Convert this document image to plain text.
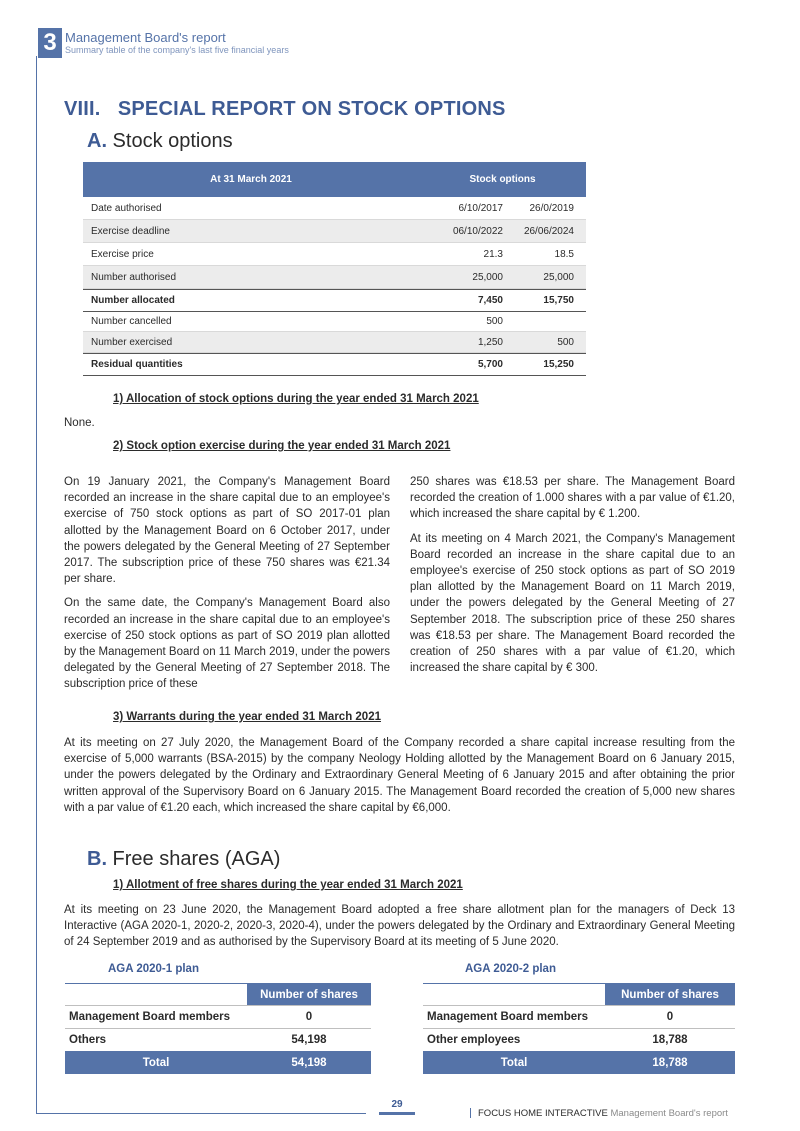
3 Management Board's report
Summary table of the company's last five financial years
VIII.   SPECIAL REPORT ON STOCK OPTIONS
A. Stock options
At 31 March 2021	Stock options
Date authorised	6/10/2017	26/0/2019
Exercise deadline	06/10/2022	26/06/2024
Exercise price	21.3	18.5
Number authorised	25,000	25,000
Number allocated	7,450	15,750
Number cancelled	500
Number exercised	1,250	500
Residual quantities	5,700	15,250
1) Allocation of stock options during the year ended 31 March 2021
None.
2) Stock option exercise during the year ended 31 March 2021

On 19 January 2021, the Company's Management Board recorded an increase in the share capital due to an employee's exercise of 750 stock options as part of SO 2017-01 plan allotted by the Management Board on 6 October 2017, under the powers delegated by the General Meeting of 27 September 2017. The subscription price of these 750 shares was €21.34 per share.

On the same date, the Company's Management Board also recorded an increase in the share capital due to an employee's exercise of 250 stock options as part of SO 2019 plan allotted by the Management Board on 11 March 2019, under the powers delegated by the General Meeting of 27 September 2018. The subscription price of these

250 shares was €18.53 per share. The Management Board recorded the creation of 1.000 shares with a par value of €1.20, which increased the share capital by € 1.200.

At its meeting on 4 March 2021, the Company's Management Board recorded an increase in the share capital due to an employee's exercise of 250 stock options as part of SO 2019 plan allotted by the Management Board on 11 March 2019, under the powers delegated by the General Meeting of 27 September 2018. The subscription price of these 250 shares was €18.53 per share. The Management Board recorded the creation of 250 shares with a par value of €1.20, which increased the share capital by € 300.

3) Warrants during the year ended 31 March 2021
At its meeting on 27 July 2020, the Management Board of the Company recorded a share capital increase resulting from the exercise of 5,000 warrants (BSA-2015) by the company Neology Holding allotted by the Management Board on 6 January 2015, under the powers delegated by the Ordinary and Extraordinary General Meeting of 6 January 2015 and after obtaining the prior written approval of the Supervisory Board on 6 January 2015. The Management Board recorded the creation of 5,000 new shares with a par value of €1.20 each, which increased the share capital by €6,000.
B. Free shares (AGA)
1) Allotment of free shares during the year ended 31 March 2021
At its meeting on 23 June 2020, the Management Board adopted a free share allotment plan for the managers of Deck 13 Interactive (AGA 2020-1, 2020-2, 2020-3, 2020-4), under the powers delegated by the Ordinary and Extraordinary General Meeting of 24 September 2019 and as authorised by the Supervisory Board at its meeting of 5 June 2020.
AGA 2020-1 plan
Number of shares
Management Board members	0
Others	54,198
Total	54,198
AGA 2020-2 plan
Number of shares
Management Board members	0
Other employees	18,788
Total	18,788
29
FOCUS HOME INTERACTIVE Management Board's report
